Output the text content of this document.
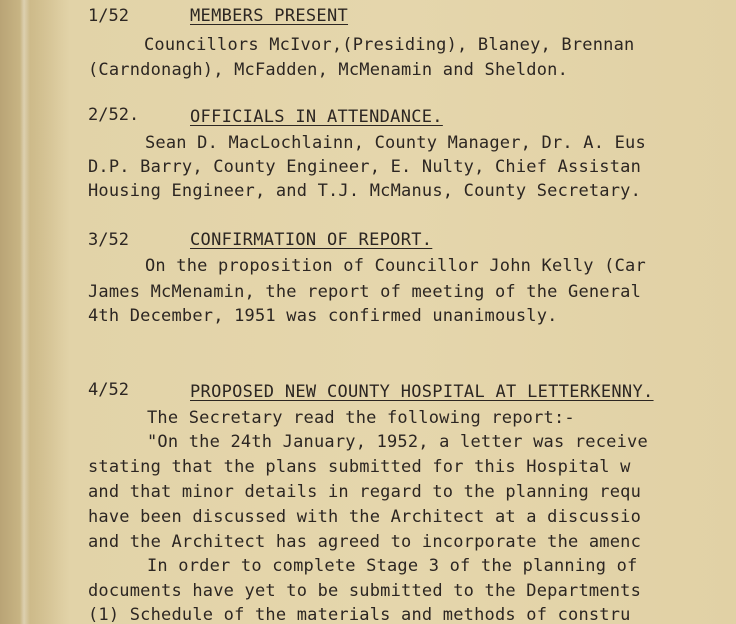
1/52	MEMBERS PRESENT
Councillors McIvor,(Presiding), Blaney, Brennan
(Carndonagh), McFadden, McMenamin and Sheldon.
2/52.	OFFICIALS IN ATTENDANCE.
Sean D. MacLochlainn, County Manager, Dr. A. Eus
D.P. Barry, County Engineer, E. Nulty, Chief Assistan
Housing Engineer, and T.J. McManus, County Secretary.
3/52	CONFIRMATION OF REPORT.
On the proposition of Councillor John Kelly (Car
James McMenamin, the report of meeting of the General
4th December, 1951 was confirmed unanimously.
4/52	PROPOSED NEW COUNTY HOSPITAL AT LETTERKENNY.
The Secretary read the following report:-
"On the 24th January, 1952, a letter was receive
stating that the plans submitted for this Hospital w
and that minor details in regard to the planning requ
have been discussed with the Architect at a discussio
and the Architect has agreed to incorporate the amenc
In order to complete Stage 3 of the planning of
documents have yet to be submitted to the Departments
(1) Schedule of the materials and methods of constru
